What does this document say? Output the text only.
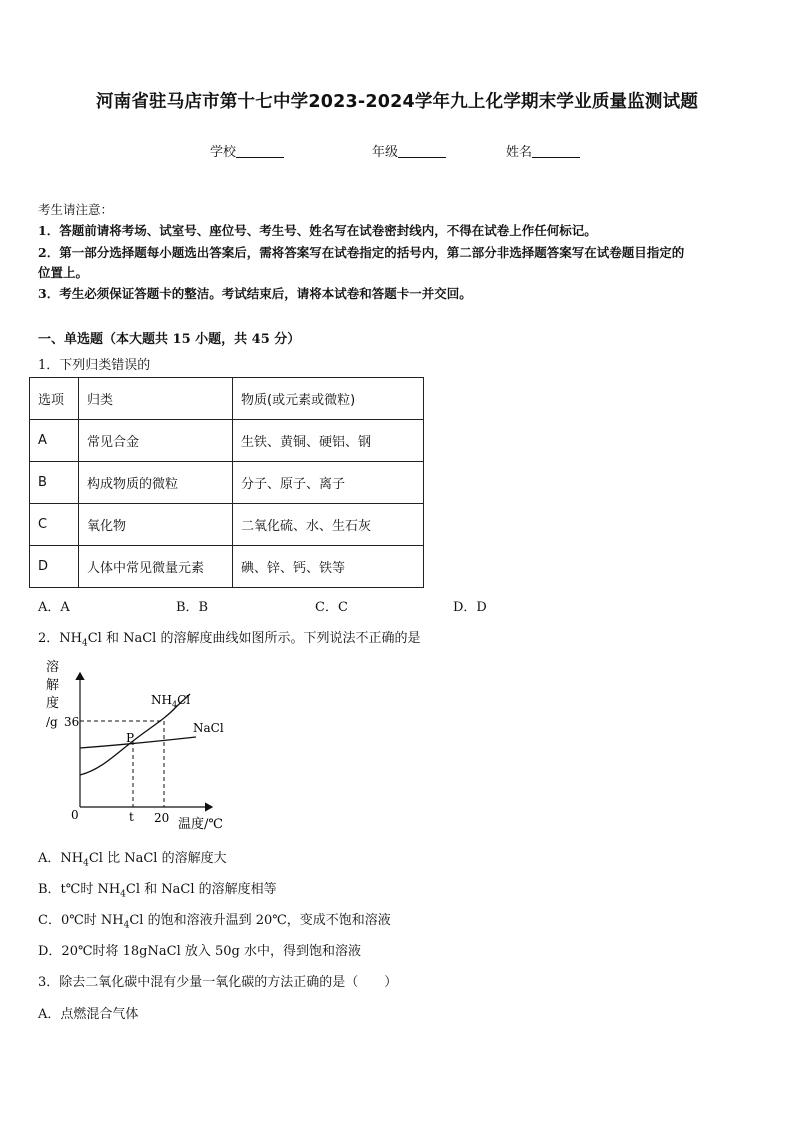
河南省驻马店市第十七中学2023-2024学年九上化学期末学业质量监测试题
学校	年级	姓名
考生请注意：
1．答题前请将考场、试室号、座位号、考生号、姓名写在试卷密封线内，不得在试卷上作任何标记。
2．第一部分选择题每小题选出答案后，需将答案写在试卷指定的括号内，第二部分非选择题答案写在试卷题目指定的
位置上。
3．考生必须保证答题卡的整洁。考试结束后，请将本试卷和答题卡一并交回。
一、单选题（本大题共 15 小题，共 45 分）
1．下列归类错误的
选项	归类	物质(或元素或微粒)
A	常见合金	生铁、黄铜、硬铝、钢
B	构成物质的微粒	分子、原子、离子
C	氧化物	二氧化硫、水、生石灰
D	人体中常见微量元素	碘、锌、钙、铁等
A．A	B．B	C．C	D．D
2．$NH_4Cl$ 和 NaCl 的溶解度曲线如图所示。下列说法不正确的是
溶
解
度
/g 36
0	t 20 温度/℃
P
$NH_4Cl$
NaCl
A．$NH_4Cl$ 比 NaCl 的溶解度大
B．t℃时 $NH_4Cl$ 和 NaCl 的溶解度相等
C．0℃时 $NH_4Cl$ 的饱和溶液升温到 20℃，变成不饱和溶液
D．20℃时将 18gNaCl 放入 50g 水中，得到饱和溶液
3．除去二氧化碳中混有少量一氧化碳的方法正确的是（　　）
A．点燃混合气体
